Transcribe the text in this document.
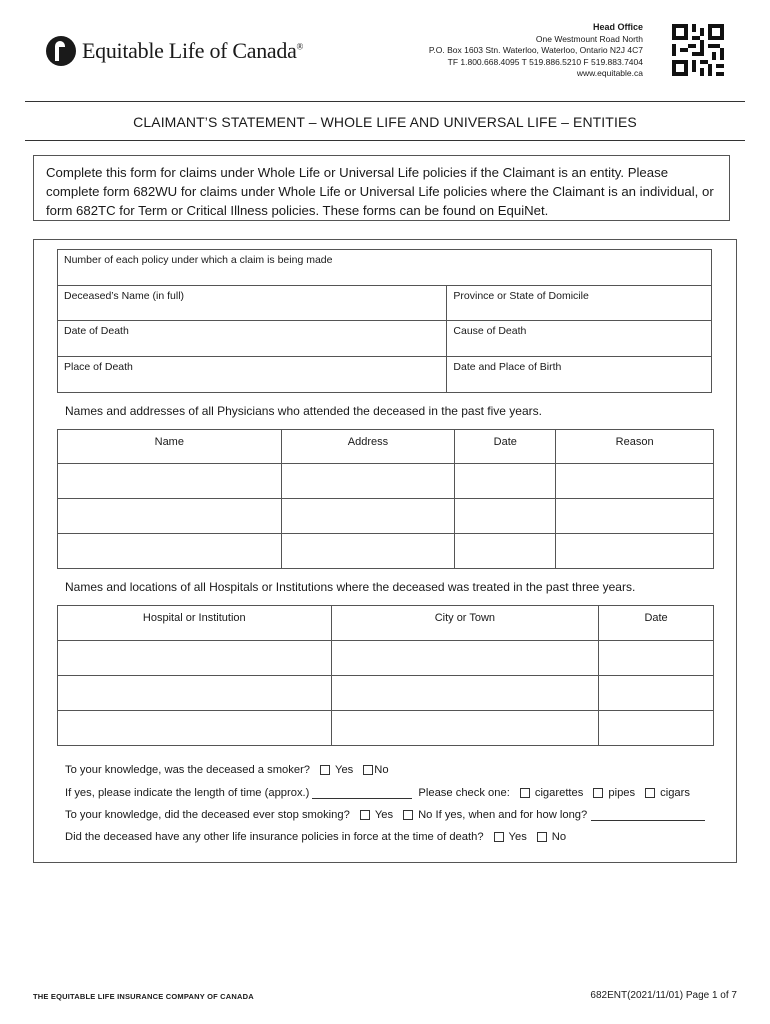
Equitable Life of Canada®
Head Office
One Westmount Road North
P.O. Box 1603 Stn. Waterloo, Waterloo, Ontario N2J 4C7
TF 1.800.668.4095 T 519.886.5210 F 519.883.7404
www.equitable.ca
CLAIMANT’S STATEMENT – WHOLE LIFE AND UNIVERSAL LIFE – ENTITIES
Complete this form for claims under Whole Life or Universal Life policies if the Claimant is an entity. Please complete form 682WU for claims under Whole Life or Universal Life policies where the Claimant is an individual, or form 682TC for Term or Critical Illness policies. These forms can be found on EquiNet.
Number of each policy under which a claim is being made	
Deceased’s Name (in full)	Province or State of Domicile
Date of Death	Cause of Death
Place of Death	Date and Place of Birth
Names and addresses of all Physicians who attended the deceased in the past five years.
Name	Address	Date	Reason

Names and locations of all Hospitals or Institutions where the deceased was treated in the past three years.
Hospital or Institution	City or Town	Date

To your knowledge, was the deceased a smoker? Yes No
If yes, please indicate the length of time (approx.)	Please check one: cigarettes pipes cigars
To your knowledge, did the deceased ever stop smoking? Yes No If yes, when and for how long?
Did the deceased have any other life insurance policies in force at the time of death? Yes No
THE EQUITABLE LIFE INSURANCE COMPANY OF CANADA	682ENT(2021/11/01) Page 1 of 7
